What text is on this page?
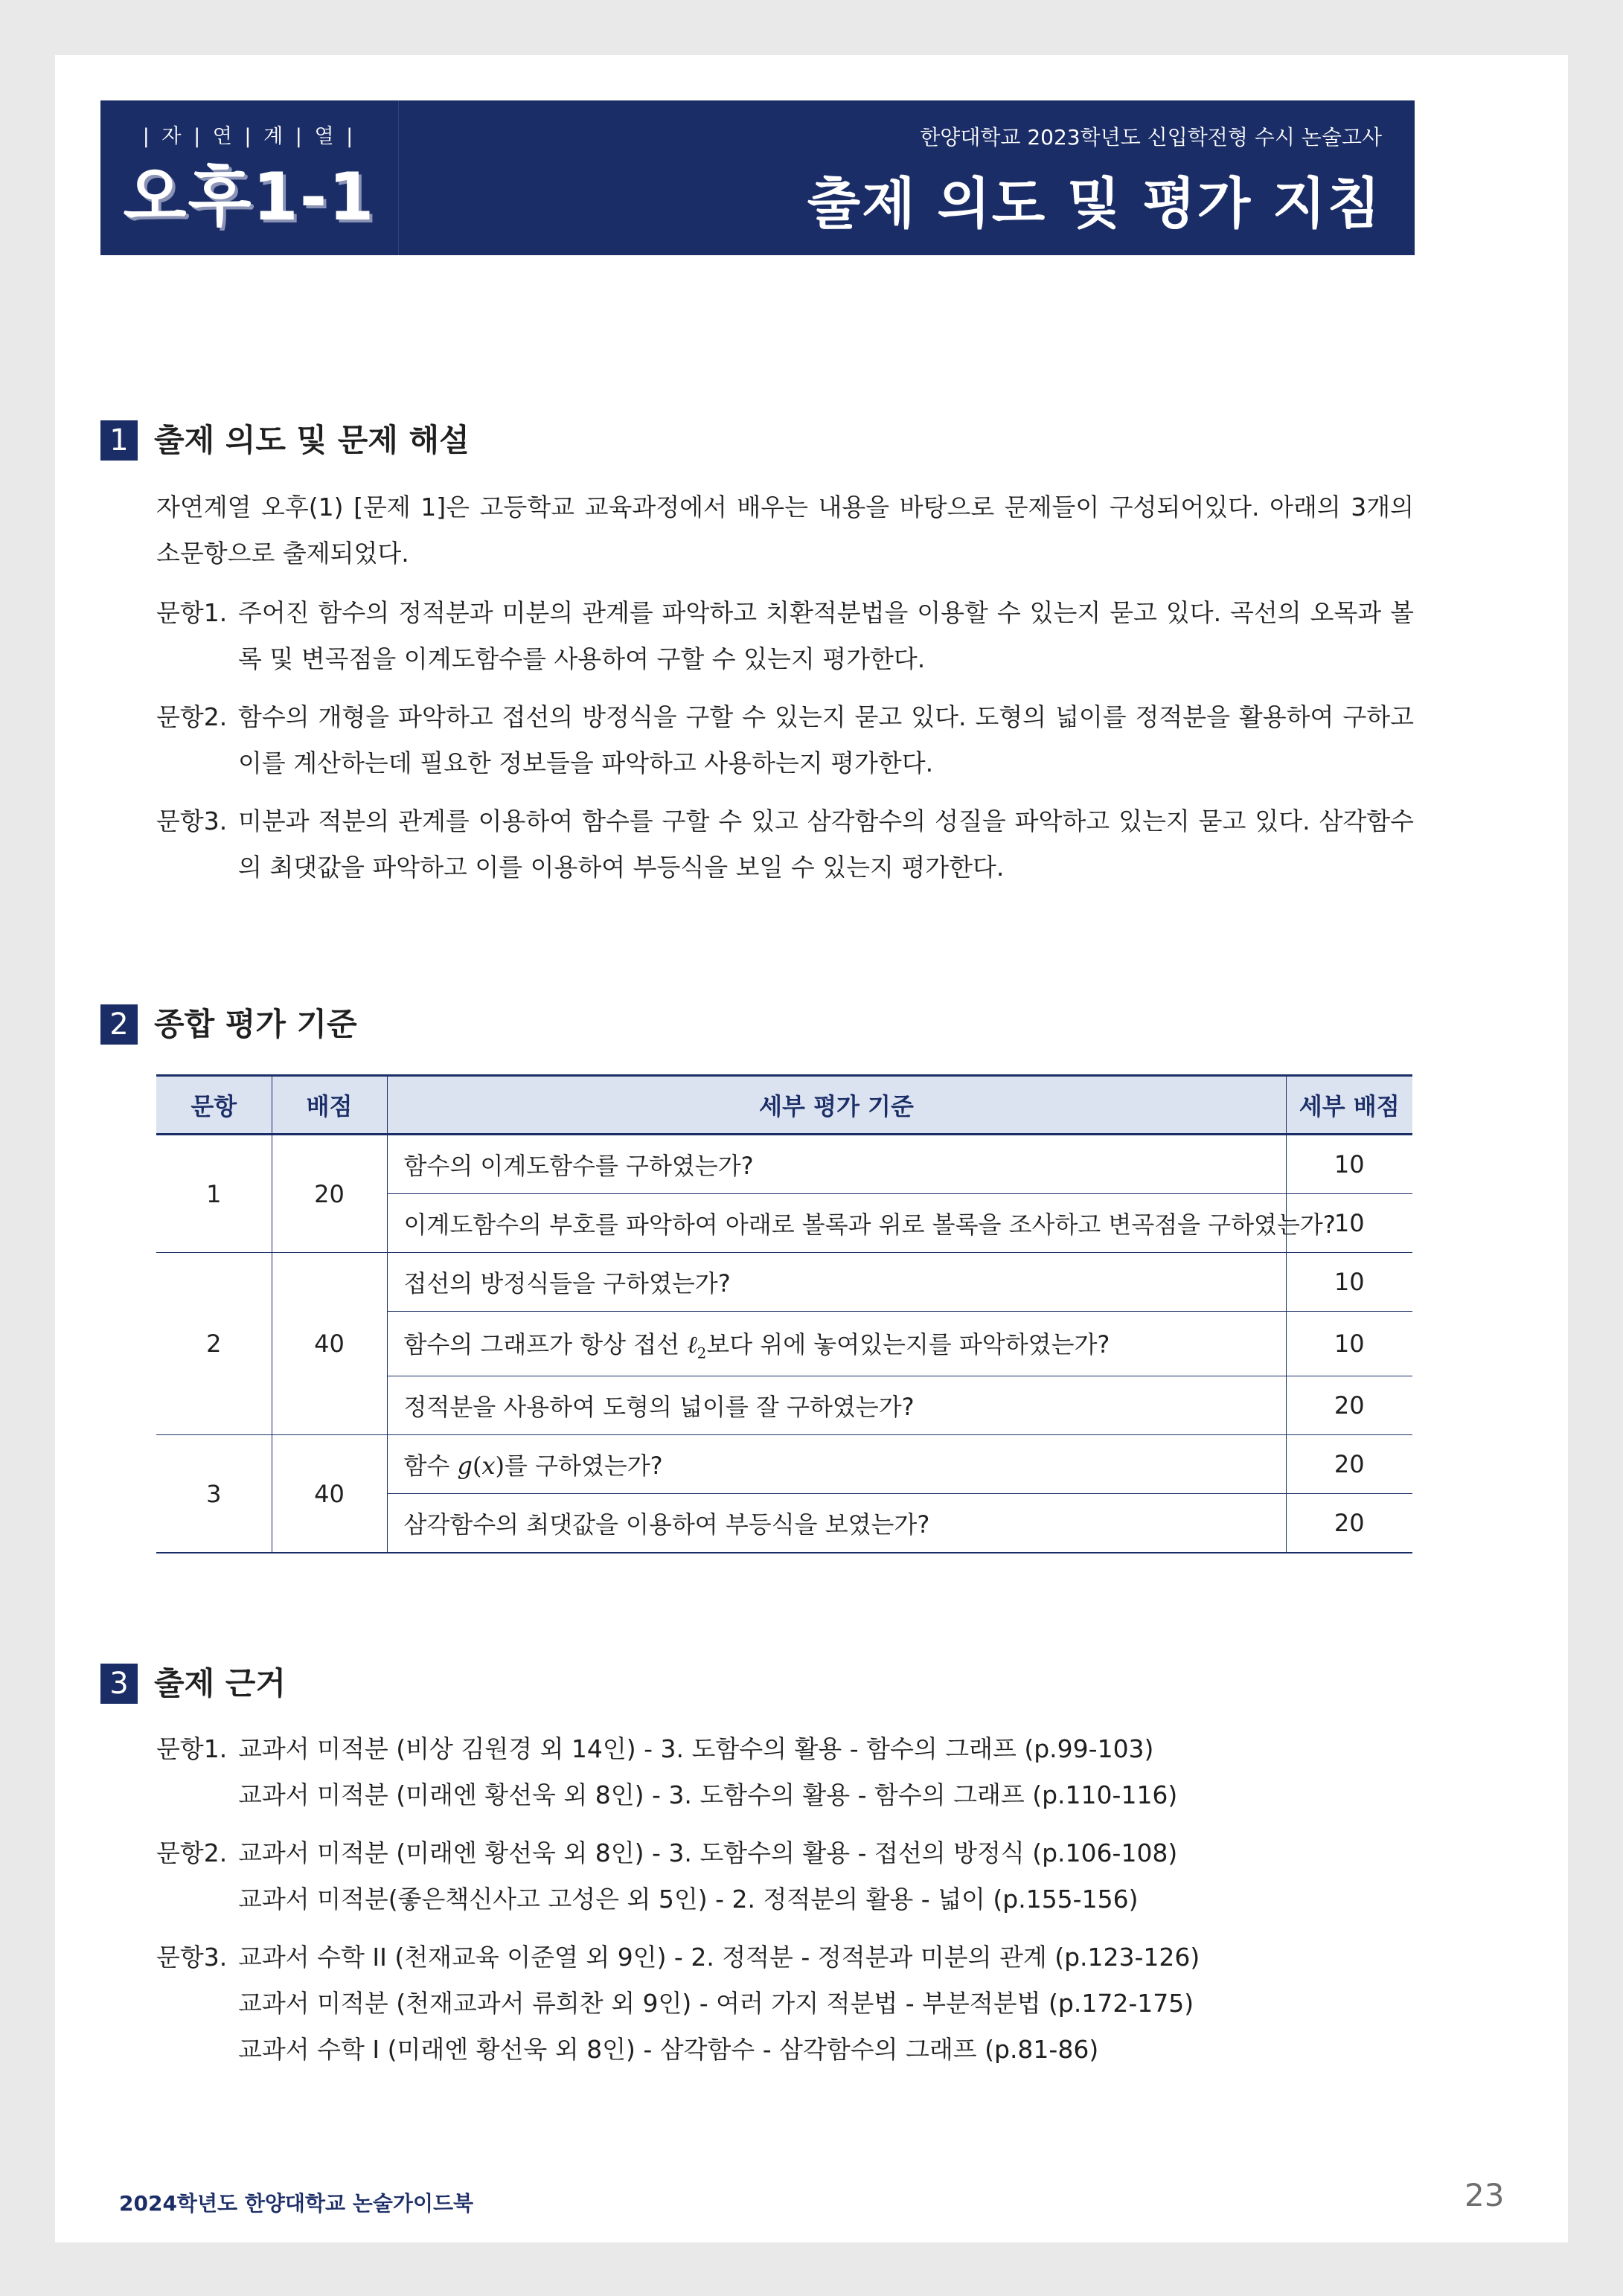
| 자 | 연 | 계 | 열 |
오후1-1
한양대학교 2023학년도 신입학전형 수시 논술고사
출제 의도 및 평가 지침
1 출제 의도 및 문제 해설
자연계열 오후(1) [문제 1]은 고등학교 교육과정에서 배우는 내용을 바탕으로 문제들이 구성되어있다. 아래의 3개의 소문항으로 출제되었다.
문항1. 주어진 함수의 정적분과 미분의 관계를 파악하고 치환적분법을 이용할 수 있는지 묻고 있다. 곡선의 오목과 볼록 및 변곡점을 이계도함수를 사용하여 구할 수 있는지 평가한다.
문항2. 함수의 개형을 파악하고 접선의 방정식을 구할 수 있는지 묻고 있다. 도형의 넓이를 정적분을 활용하여 구하고 이를 계산하는데 필요한 정보들을 파악하고 사용하는지 평가한다.
문항3. 미분과 적분의 관계를 이용하여 함수를 구할 수 있고 삼각함수의 성질을 파악하고 있는지 묻고 있다. 삼각함수의 최댓값을 파악하고 이를 이용하여 부등식을 보일 수 있는지 평가한다.
2 종합 평가 기준
문항	배점	세부 평가 기준	세부 배점
1	20	함수의 이계도함수를 구하였는가?	10
		이계도함수의 부호를 파악하여 아래로 볼록과 위로 볼록을 조사하고 변곡점을 구하였는가?	10
2	40	접선의 방정식들을 구하였는가?	10
		함수의 그래프가 항상 접선 ℓ$_2$보다 위에 놓여있는지를 파악하였는가?	10
		정적분을 사용하여 도형의 넓이를 잘 구하였는가?	20
3	40	함수 g(x)를 구하였는가?	20
		삼각함수의 최댓값을 이용하여 부등식을 보였는가?	20
3 출제 근거
문항1. 교과서 미적분 (비상 김원경 외 14인) - 3. 도함수의 활용 - 함수의 그래프 (p.99-103)
교과서 미적분 (미래엔 황선욱 외 8인) - 3. 도함수의 활용 - 함수의 그래프 (p.110-116)
문항2. 교과서 미적분 (미래엔 황선욱 외 8인) - 3. 도함수의 활용 - 접선의 방정식 (p.106-108)
교과서 미적분(좋은책신사고 고성은 외 5인) - 2. 정적분의 활용 - 넓이 (p.155-156)
문항3. 교과서 수학 II (천재교육 이준열 외 9인) - 2. 정적분 - 정적분과 미분의 관계 (p.123-126)
교과서 미적분 (천재교과서 류희찬 외 9인) - 여러 가지 적분법 - 부분적분법 (p.172-175)
교과서 수학 I (미래엔 황선욱 외 8인) - 삼각함수 - 삼각함수의 그래프 (p.81-86)
2024학년도 한양대학교 논술가이드북	23
